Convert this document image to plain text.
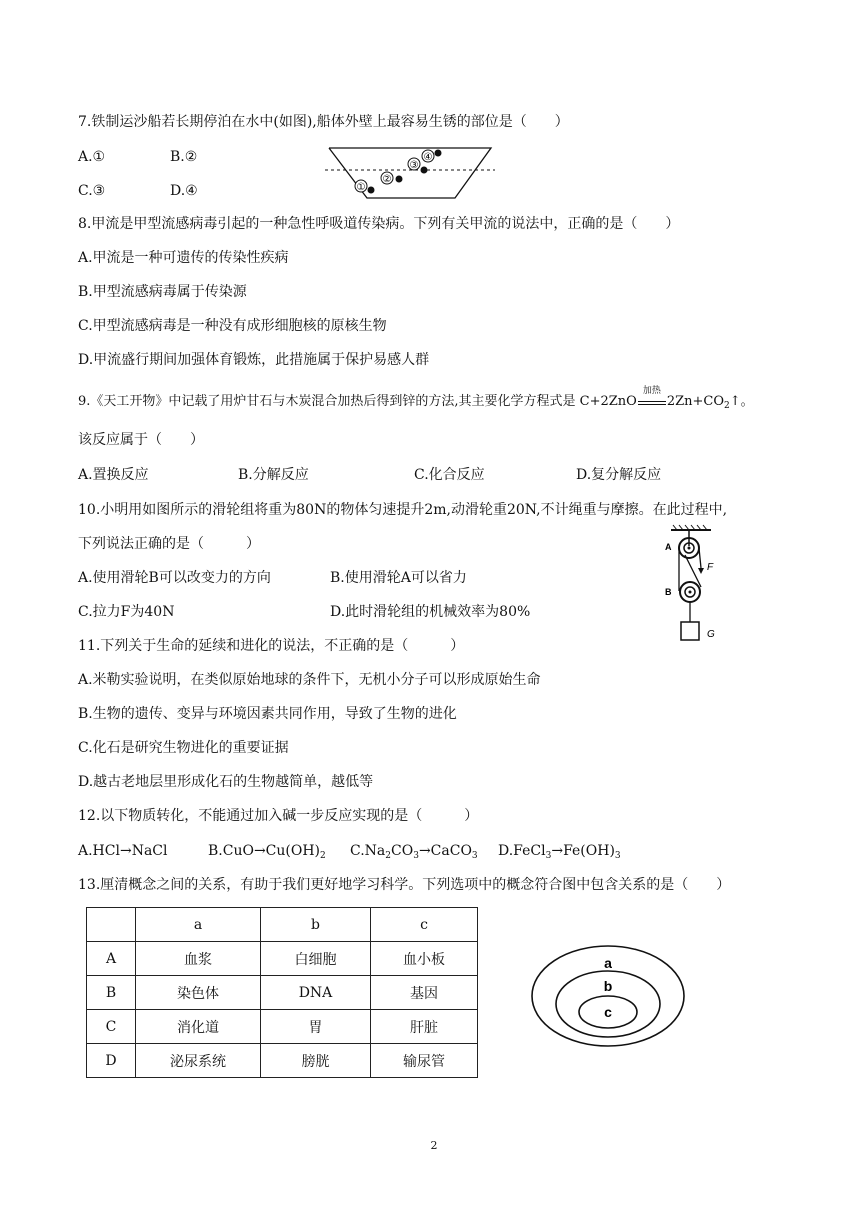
7.铁制运沙船若长期停泊在水中(如图),船体外壁上最容易生锈的部位是（　　）
A.①	B.②
C.③	D.④
④
③
②
①
8.甲流是甲型流感病毒引起的一种急性呼吸道传染病。下列有关甲流的说法中，正确的是（　　）
A.甲流是一种可遗传的传染性疾病
B.甲型流感病毒属于传染源
C.甲型流感病毒是一种没有成形细胞核的原核生物
D.甲流盛行期间加强体育锻炼，此措施属于保护易感人群
9.《天工开物》中记载了用炉甘石与木炭混合加热后得到锌的方法,其主要化学方程式是 C+2ZnO
加热
$2Zn+CO_2↑$。
该反应属于（　　）
A.置换反应	B.分解反应	C.化合反应	D.复分解反应
10.小明用如图所示的滑轮组将重为80N的物体匀速提升2m,动滑轮重20N,不计绳重与摩擦。在此过程中,
下列说法正确的是（　　　）
A.使用滑轮B可以改变力的方向	B.使用滑轮A可以省力
C.拉力F为40N	D.此时滑轮组的机械效率为80%
A
F
B
G
11.下列关于生命的延续和进化的说法，不正确的是（　　　）
A.米勒实验说明，在类似原始地球的条件下，无机小分子可以形成原始生命
B.生物的遗传、变异与环境因素共同作用，导致了生物的进化
C.化石是研究生物进化的重要证据
D.越古老地层里形成化石的生物越简单，越低等
12.以下物质转化，不能通过加入碱一步反应实现的是（　　　）
A.HCl→NaCl	$B.CuO\to Cu(OH)_2$ $C.Na_2CO_3\to CaCO_3$ $D.FeCl_3\to Fe(OH)_3$
13.厘清概念之间的关系，有助于我们更好地学习科学。下列选项中的概念符合图中包含关系的是（　　）
	a	b	c
A	血浆	白细胞	血小板
B	染色体	DNA	基因
C	消化道	胃	肝脏
D	泌尿系统	膀胱	输尿管
a
b
c
2
